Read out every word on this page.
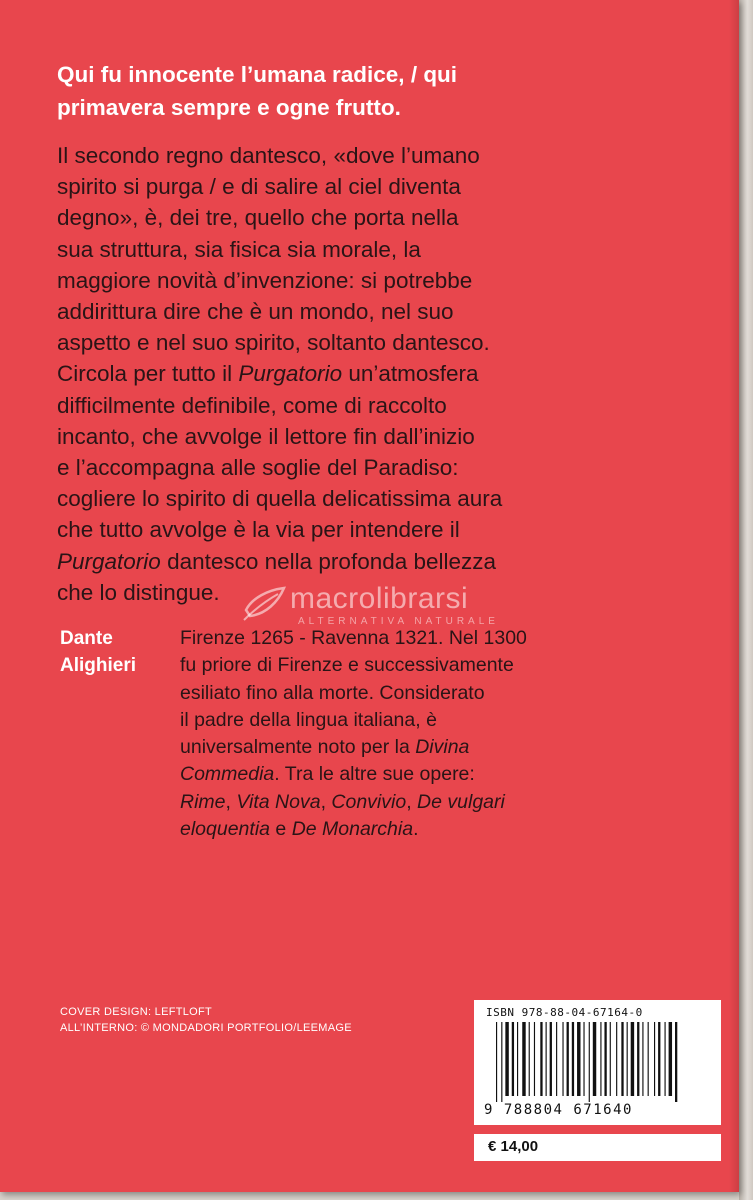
Qui fu innocente l’umana radice, / qui
primavera sempre e ogne frutto.

Il secondo regno dantesco, «dove l’umano
spirito si purga / e di salire al ciel diventa
degno», è, dei tre, quello che porta nella
sua struttura, sia fisica sia morale, la
maggiore novità d’invenzione: si potrebbe
addirittura dire che è un mondo, nel suo
aspetto e nel suo spirito, soltanto dantesco.
Circola per tutto il Purgatorio un’atmosfera
difficilmente definibile, come di raccolto
incanto, che avvolge il lettore fin dall’inizio
e l’accompagna alle soglie del Paradiso:
cogliere lo spirito di quella delicatissima aura
che tutto avvolge è la via per intendere il
Purgatorio dantesco nella profonda bellezza
che lo distingue.	macrolibrarsi
ALTERNATIVA NATURALE
Dante
Alighieri

Firenze 1265 - Ravenna 1321. Nel 1300
fu priore di Firenze e successivamente
esiliato fino alla morte. Considerato
il padre della lingua italiana, è
universalmente noto per la Divina
Commedia. Tra le altre sue opere:
Rime, Vita Nova, Convivio, De vulgari
eloquentia e De Monarchia.

COVER DESIGN: LEFTLOFT
ALL’INTERNO: © MONDADORI PORTFOLIO/LEEMAGE
ISBN 978-88-04-67164-0
9 788804 671640
€ 14,00
